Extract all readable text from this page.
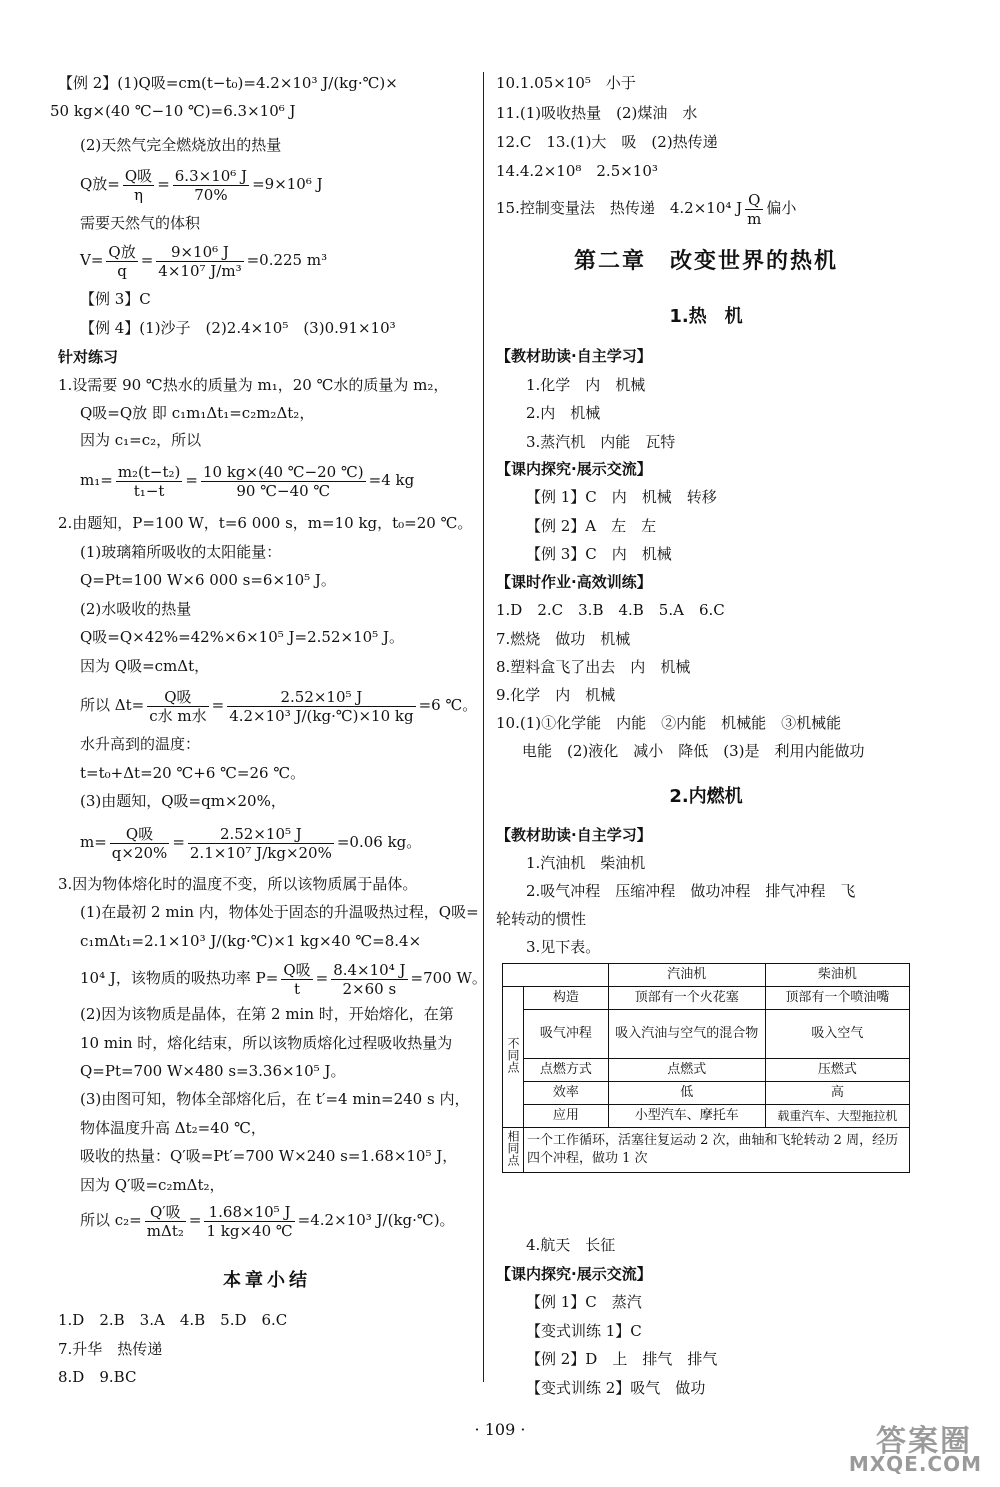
【例 2】(1)Q吸=cm(t−t₀)=4.2×10³ J/(kg·℃)×
50 kg×(40 ℃−10 ℃)=6.3×10⁶ J
(2)天然气完全燃烧放出的热量
Q放= $\frac{\text{Q吸}}{\eta} = \frac{\text{6.3×10⁶ J}}{70\%} =9\times 10^6$ J
需要天然气的体积
$V= \frac{\text{Q放}}{q} = \frac{\text{9×10⁶ J}}{\text{4×10⁷ J/m³}} =0.225$ m³
【例 3】C
【例 4】(1)沙子　(2)2.4×10⁵　(3)0.91×10³
针对练习
1.设需要 90 ℃热水的质量为 m₁，20 ℃水的质量为 m₂，
Q吸=Q放 即 c₁m₁Δt₁=c₂m₂Δt₂，
因为 c₁=c₂，所以
$m_1= \frac{\text{m₂(t−t₂)}}{\text{t₁−t}} = \frac{10 kg\times(40 ℃-20 ℃)}{90 ℃-40 ℃} =4$ kg
2.由题知，P=100 W，t=6 000 s，m=10 kg，t₀=20 ℃。
(1)玻璃箱所吸收的太阳能量：
Q=Pt=100 W×6 000 s=6×10⁵ J。
(2)水吸收的热量
Q吸=Q×42%=42%×6×10⁵ J=2.52×10⁵ J。
因为 Q吸=cmΔt，
所以 $\Delta t= \frac{\text{Q吸}}{\text{c水 m水}} = \frac{\text{2.52×10⁵ J}}{\text{4.2×10³ J/(kg·℃)×10 kg}} =6$ ℃。
水升高到的温度：
t=t₀+Δt=20 ℃+6 ℃=26 ℃。
(3)由题知，Q吸=qm×20%，
$m= \frac{\text{Q吸}}{q\times 20\%} = \frac{\text{2.52×10⁵ J}}{\text{2.1×10⁷ J/kg×20\%}} =0.06$ kg。
3.因为物体熔化时的温度不变，所以该物质属于晶体。
(1)在最初 2 min 内，物体处于固态的升温吸热过程，Q吸=
c₁mΔt₁=2.1×10³ J/(kg·℃)×1 kg×40 ℃=8.4×
10⁴ J，该物质的吸热功率 $P= \frac{\text{Q吸}}{t} = \frac{\text{8.4×10⁴ J}}{2\times 60 s} =700$ W。
(2)因为该物质是晶体，在第 2 min 时，开始熔化，在第
10 min 时，熔化结束，所以该物质熔化过程吸收热量为
Q=Pt=700 W×480 s=3.36×10⁵ J。
(3)由图可知，物体全部熔化后，在 t′=4 min=240 s 内，
物体温度升高 Δt₂=40 ℃，
吸收的热量：Q′吸=Pt′=700 W×240 s=1.68×10⁵ J，
因为 Q′吸=c₂mΔt₂，
所以 $c_2= \frac{\text{Q′吸}}{\text{mΔt₂}} = \frac{\text{1.68×10⁵ J}}{1 kg\times 40 ℃} =4.2\times 10^3$ J/(kg·℃)。
本章小结
1.D　2.B　3.A　4.B　5.D　6.C
7.升华　热传递
8.D　9.BC
10.1.05×10⁵　小于
11.(1)吸收热量　(2)煤油　水
12.C　13.(1)大　吸　(2)热传递
14.4.2×10⁸　2.5×10³
15.控制变量法　热传递　4.2×10⁴ J $\frac{Q}{m}$ 偏小
第二章　改变世界的热机
1.热　机
【教材助读·自主学习】
1.化学　内　机械
2.内　机械
3.蒸汽机　内能　瓦特
【课内探究·展示交流】
【例 1】C　内　机械　转移
【例 2】A　左　左
【例 3】C　内　机械
【课时作业·高效训练】
1.D　2.C　3.B　4.B　5.A　6.C
7.燃烧　做功　机械
8.塑料盒飞了出去　内　机械
9.化学　内　机械
10.(1)①化学能　内能　②内能　机械能　③机械能
电能　(2)液化　减小　降低　(3)是　利用内能做功
2.内燃机
【教材助读·自主学习】
1.汽油机　柴油机
2.吸气冲程　压缩冲程　做功冲程　排气冲程　飞
轮转动的惯性
3.见下表。
		汽油机	柴油机
不同点	构造	顶部有一个火花塞	顶部有一个喷油嘴
	吸气冲程	吸入汽油与空气的混合物	吸入空气
	点燃方式	点燃式	压燃式
	效率	低	高
	应用	小型汽车、摩托车	载重汽车、大型拖拉机
相同点	一个工作循环，活塞往复运动 2 次，曲轴和飞轮转动 2 周，经历四个冲程，做功 1 次		
4.航天　长征
【课内探究·展示交流】
【例 1】C　蒸汽
【变式训练 1】C
【例 2】D　上　排气　排气
【变式训练 2】吸气　做功
· 109 ·	答案圈
MXQE.COM
